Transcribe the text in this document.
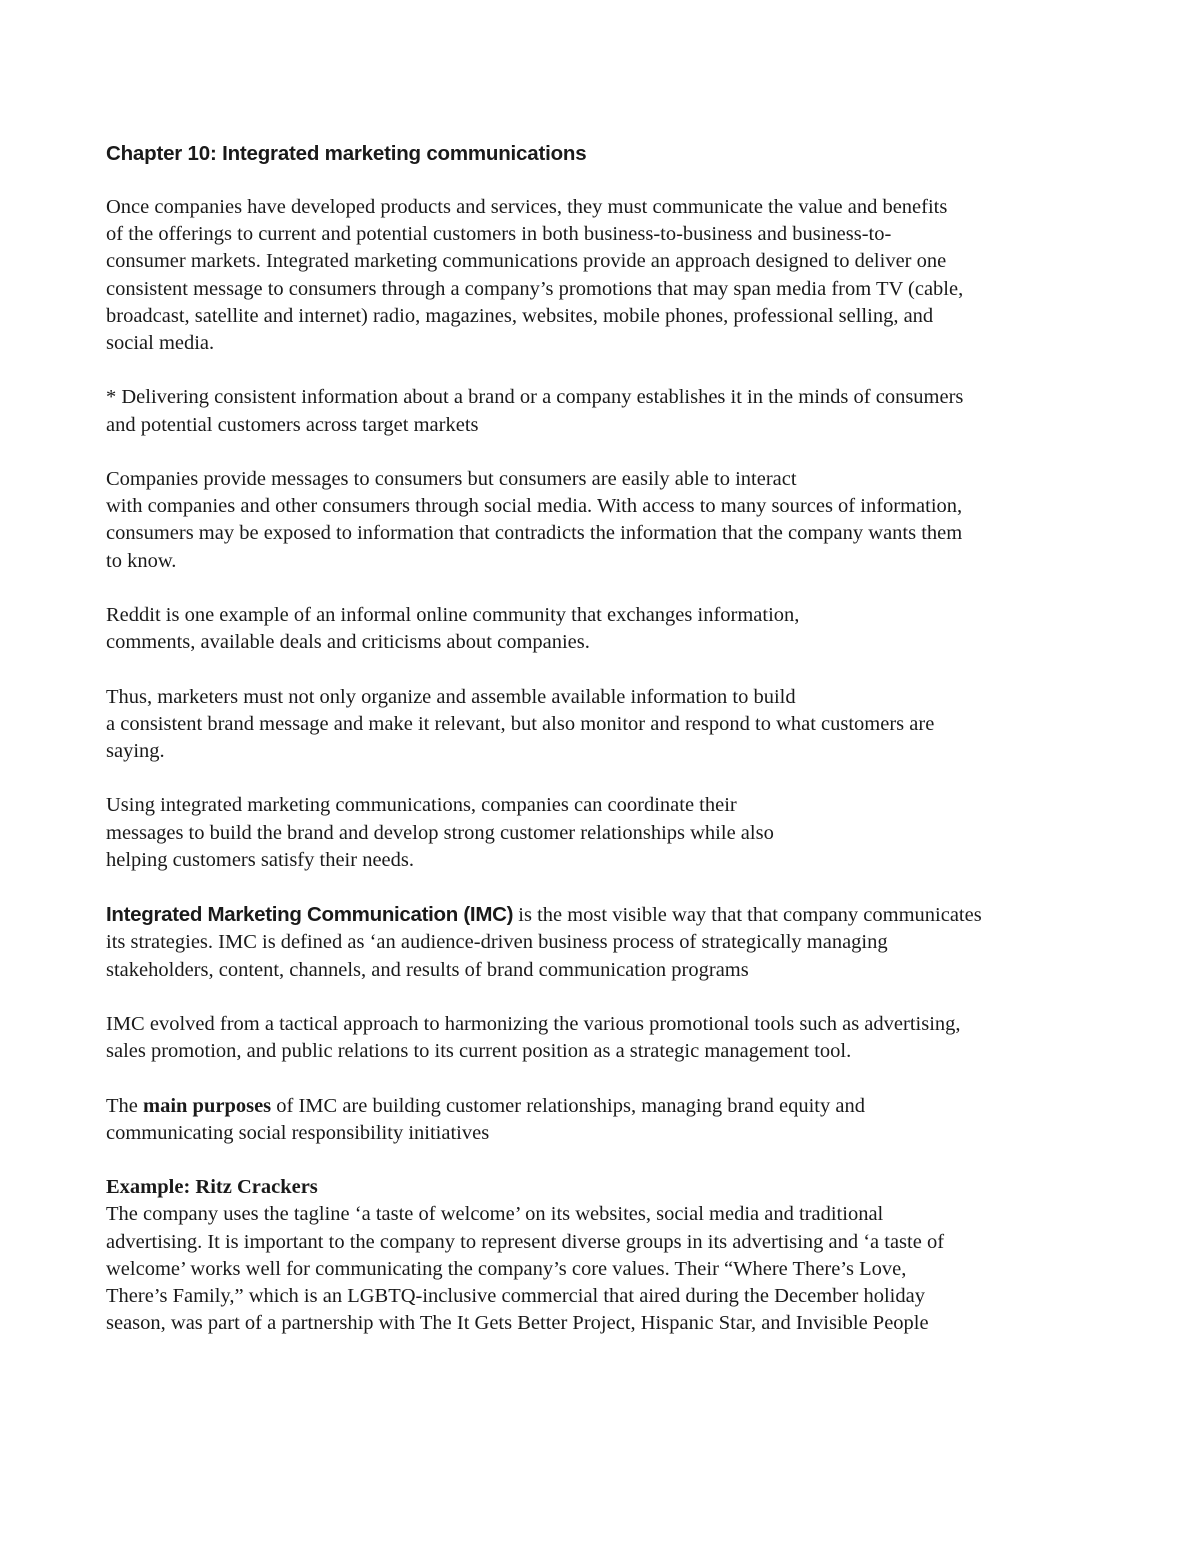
Chapter 10: Integrated marketing communications
Once companies have developed products and services, they must communicate the value and benefits
of the offerings to current and potential customers in both business-to-business and business-to-
consumer markets. Integrated marketing communications provide an approach designed to deliver one
consistent message to consumers through a company’s promotions that may span media from TV (cable,
broadcast, satellite and internet) radio, magazines, websites, mobile phones, professional selling, and
social media.
* Delivering consistent information about a brand or a company establishes it in the minds of consumers
and potential customers across target markets
Companies provide messages to consumers but consumers are easily able to interact
with companies and other consumers through social media. With access to many sources of information,
consumers may be exposed to information that contradicts the information that the company wants them
to know.
Reddit is one example of an informal online community that exchanges information,
comments, available deals and criticisms about companies.
Thus, marketers must not only organize and assemble available information to build
a consistent brand message and make it relevant, but also monitor and respond to what customers are
saying.
Using integrated marketing communications, companies can coordinate their
messages to build the brand and develop strong customer relationships while also
helping customers satisfy their needs.
Integrated Marketing Communication (IMC) is the most visible way that that company communicates
its strategies. IMC is defined as ‘an audience-driven business process of strategically managing
stakeholders, content, channels, and results of brand communication programs
IMC evolved from a tactical approach to harmonizing the various promotional tools such as advertising,
sales promotion, and public relations to its current position as a strategic management tool.
The main purposes of IMC are building customer relationships, managing brand equity and
communicating social responsibility initiatives
Example: Ritz Crackers
The company uses the tagline ‘a taste of welcome’ on its websites, social media and traditional
advertising. It is important to the company to represent diverse groups in its advertising and ‘a taste of
welcome’ works well for communicating the company’s core values. Their “Where There’s Love,
There’s Family,” which is an LGBTQ-inclusive commercial that aired during the December holiday
season, was part of a partnership with The It Gets Better Project, Hispanic Star, and Invisible People
